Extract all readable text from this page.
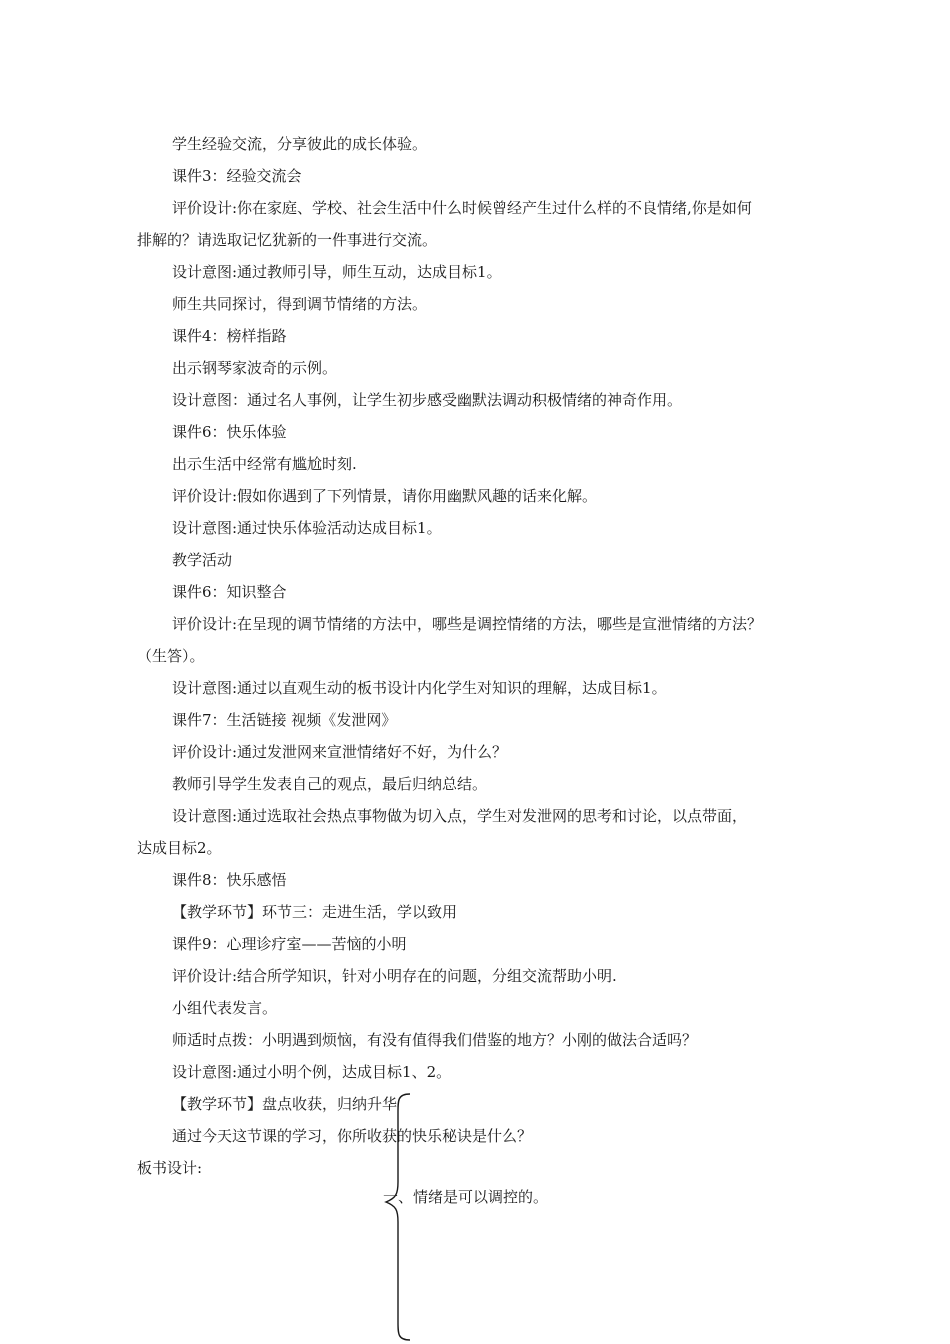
学生经验交流，分享彼此的成长体验。
课件3：经验交流会
评价设计:你在家庭、学校、社会生活中什么时候曾经产生过什么样的不良情绪,你是如何
排解的？请选取记忆犹新的一件事进行交流。
设计意图:通过教师引导，师生互动，达成目标1。
师生共同探讨，得到调节情绪的方法。
课件4：榜样指路
出示钢琴家波奇的示例。
设计意图：通过名人事例，让学生初步感受幽默法调动积极情绪的神奇作用。
课件6：快乐体验
出示生活中经常有尴尬时刻.
评价设计:假如你遇到了下列情景，请你用幽默风趣的话来化解。
设计意图:通过快乐体验活动达成目标1。
教学活动
课件6：知识整合
评价设计:在呈现的调节情绪的方法中，哪些是调控情绪的方法，哪些是宣泄情绪的方法？
（生答）。
设计意图:通过以直观生动的板书设计内化学生对知识的理解，达成目标1。
课件7：生活链接 视频《发泄网》
评价设计:通过发泄网来宣泄情绪好不好，为什么？
教师引导学生发表自己的观点，最后归纳总结。
设计意图:通过选取社会热点事物做为切入点，学生对发泄网的思考和讨论，以点带面，
达成目标2。
课件8：快乐感悟
【教学环节】环节三：走进生活，学以致用
课件9：心理诊疗室——苦恼的小明
评价设计:结合所学知识，针对小明存在的问题，分组交流帮助小明.
小组代表发言。
师适时点拨：小明遇到烦恼，有没有值得我们借鉴的地方？小刚的做法合适吗？
设计意图:通过小明个例，达成目标1、2。
【教学环节】盘点收获，归纳升华
通过今天这节课的学习，你所收获的快乐秘诀是什么？
板书设计:
一、情绪是可以调控的。
